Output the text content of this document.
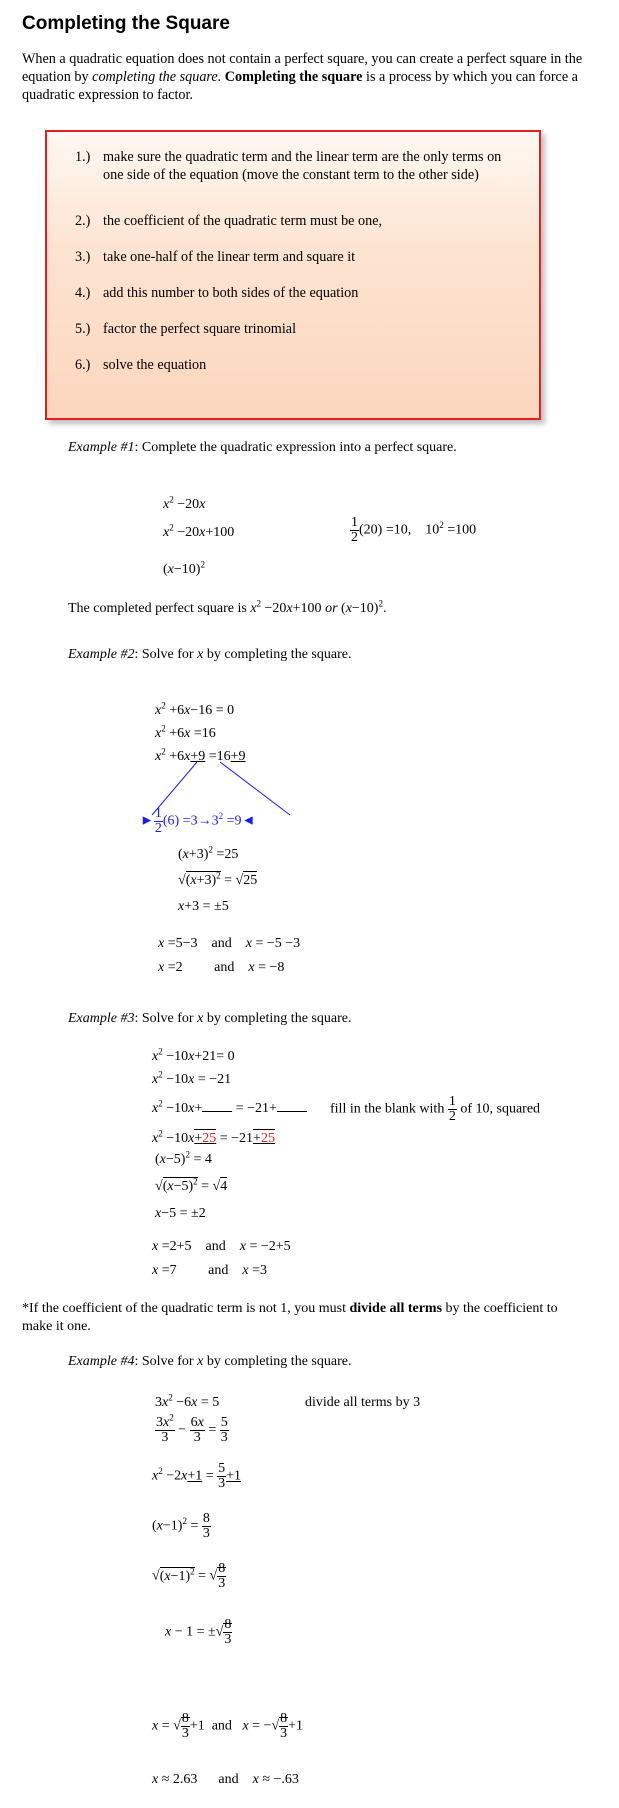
Completing the Square
When a quadratic equation does not contain a perfect square, you can create a perfect square in the equation by completing the square. Completing the square is a process by which you can force a quadratic expression to factor.
1.) make sure the quadratic term and the linear term are the only terms on one side of the equation (move the constant term to the other side)
2.) the coefficient of the quadratic term must be one,
3.) take one-half of the linear term and square it
4.) add this number to both sides of the equation
5.) factor the perfect square trinomial
6.) solve the equation
Example #1: Complete the quadratic expression into a perfect square.
$x^2 -20x$
$x^2 -20x+100$	$\frac{1}{2} (20) =10$,    $10^2 =100$
$(x-10)^2$
The completed perfect square is $x^2 -20x+100$ or $(x-10)^2$.
Example #2: Solve for x by completing the square.
$x^2 +6x-16 = 0$
$x^2 +6x =16$
$x^2 +6x+9 =16+9$
► $\frac{1}{2} (6) =3\to 3^2$ =9◄
$(x+3)^2 =25$
$√(x+3)^2 = √25$
x+3 = ±5
x =5−3    and x = −5 −3
x =2         and x = −8
Example #3: Solve for x by completing the square.
$x^2 -10x+21= 0$
$x^2 -10x = -21$
$x^2 -10x+ = -21+$	fill in the blank with $\frac{1}{2}$ of 10, squared
$x^2 -10x+25 = -21+25$
$(x-5)^2 = 4$
$√(x-5)^2 = √4$
x−5 = ±2
x =2+5    and x = −2+5
x =7         and x =3
*If the coefficient of the quadratic term is not 1, you must divide all terms by the coefficient to make it one.
Example #4: Solve for x by completing the square.
$3x^2 -6x = 5$	divide all terms by 3
$\frac{3x^2}{3} - \frac{6x}{3} = \frac{5}{3}$
$x^2 -2x+1 = \frac{5}{3} +1$
$(x-1)^2 = \frac{8}{3}$
$√(x-1)^2$ = √ $\frac{8}{3}$
x − 1 = ±√ $\frac{8}{3}$
x = √ $\frac{8}{3} +1$  and x = −√ $\frac{8}{3} +1$
x ≈ 2.63      and x ≈ −.63
